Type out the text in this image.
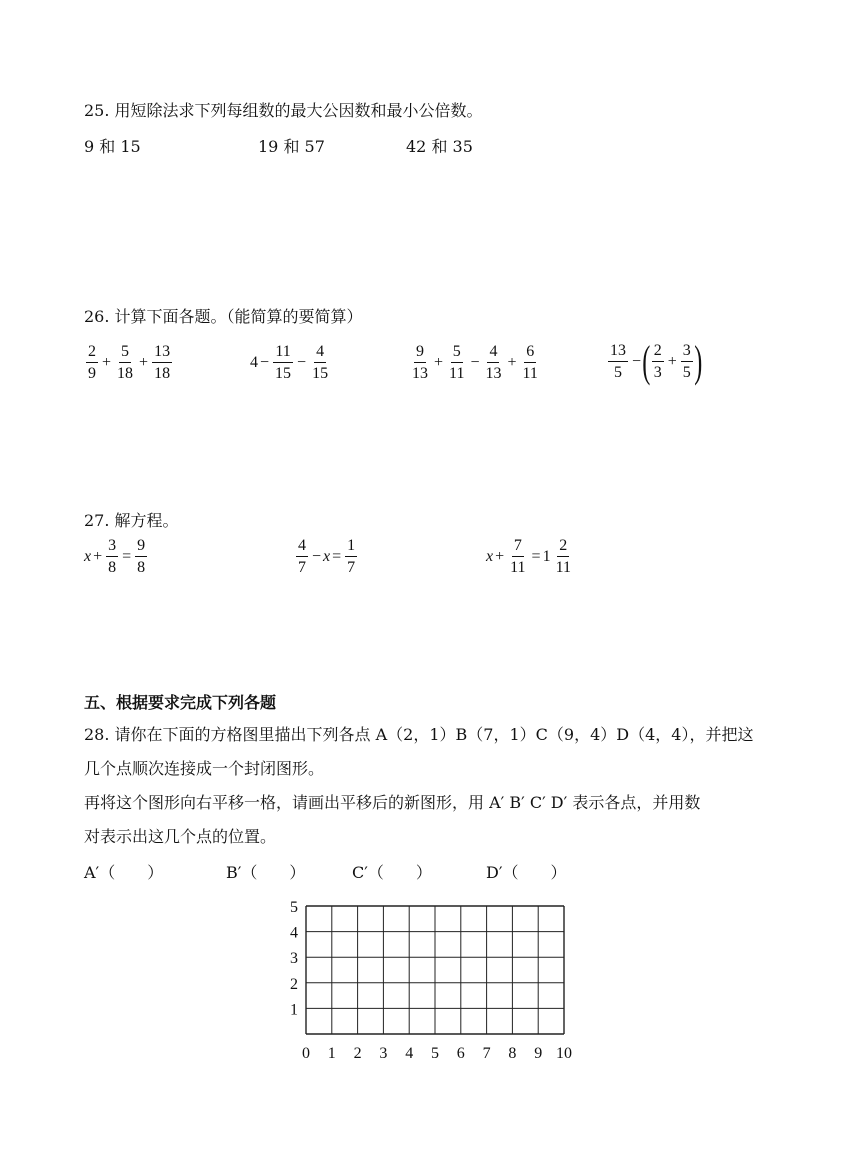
25. 用短除法求下列每组数的最大公因数和最小公倍数。
9 和 15	19 和 57	42 和 35
26. 计算下面各题。（能简算的要简算）
$\frac{2}{9} + \frac{5}{18} + \frac{13}{18}$	$4 - \frac{11}{15} - \frac{4}{15}$	$\frac{9}{13} + \frac{5}{11} - \frac{4}{13} + \frac{6}{11}$	$\frac{13}{5}$ − ( $\frac{2}{3} + \frac{3}{5}$ )
27. 解方程。
$x + \frac{3}{8} = \frac{9}{8}$	$\frac{4}{7} - x = \frac{1}{7}$	$x + \frac{7}{11} = 1 \frac{2}{11}$
五、根据要求完成下列各题
28. 请你在下面的方格图里描出下列各点 A（2，1）B（7，1）C（9，4）D（4，4），并把这
几个点顺次连接成一个封闭图形。
再将这个图形向右平移一格，请画出平移后的新图形，用 A′ B′ C′ D′ 表示各点，并用数
对表示出这几个点的位置。
A′（　　）	B′（　　）	C′（　　）	D′（　　）
0 1 2 3 4 5 6 7 8 9 10
1
2
3
4
5
